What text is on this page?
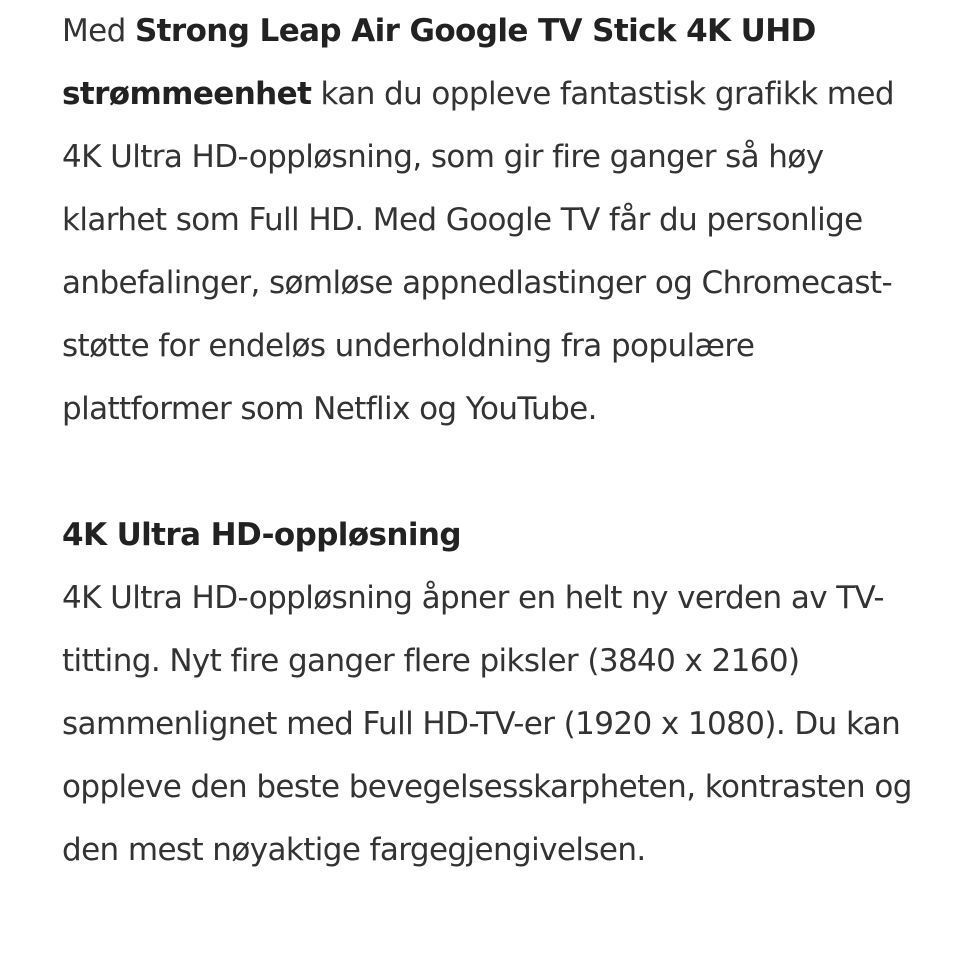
Med Strong Leap Air Google TV Stick 4K UHD strømmeenhet kan du oppleve fantastisk grafikk med 4K Ultra HD-oppløsning, som gir fire ganger så høy klarhet som Full HD. Med Google TV får du personlige anbefalinger, sømløse appnedlastinger og Chromecast-støtte for endeløs underholdning fra populære plattformer som Netflix og YouTube.

4K Ultra HD-oppløsning

4K Ultra HD-oppløsning åpner en helt ny verden av TV-titting. Nyt fire ganger flere piksler (3840 x 2160) sammenlignet med Full HD-TV-er (1920 x 1080). Du kan oppleve den beste bevegelsesskarpheten, kontrasten og den mest nøyaktige fargegjengivelsen.
